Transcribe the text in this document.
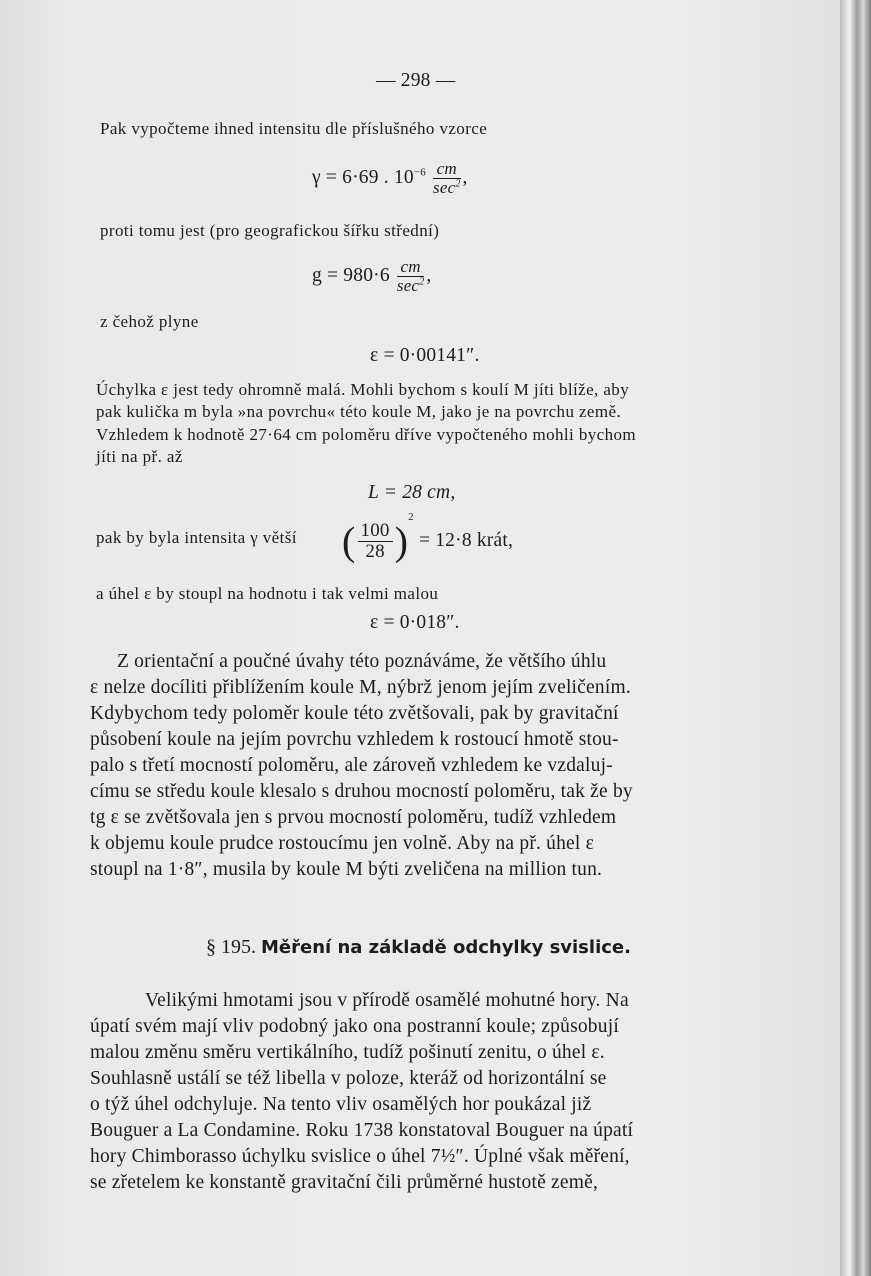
— 298 —
Pak vypočteme ihned intensitu dle příslušného vzorce
γ = 6·69 . $10^{-6} \frac{cm}{\sec^2}$ ,
proti tomu jest (pro geografickou šířku střední)
$g = 980\cdot 6 \frac{cm}{\sec^2}$ ,
z čehož plyne
ε = 0·00141″.
Úchylka ε jest tedy ohromně malá. Mohli bychom s koulí M jíti blíže, aby
pak kulička m byla »na povrchu« této koule M, jako je na povrchu země.
Vzhledem k hodnotě 27·64 cm poloměru dříve vypočteného mohli bychom
jíti na př. až
L = 28 cm,
pak by byla intensita γ větší ( $\frac{100}{28} )^2 = 12\cdot 8$ krát,
a úhel ε by stoupl na hodnotu i tak velmi malou
ε = 0·018″.
Z orientační a poučné úvahy této poznáváme, že většího úhlu
ε nelze docíliti přiblížením koule M, nýbrž jenom jejím zveličením.
Kdybychom tedy poloměr koule této zvětšovali, pak by gravitační
působení koule na jejím povrchu vzhledem k rostoucí hmotě stou-
palo s třetí mocností poloměru, ale zároveň vzhledem ke vzdaluj-
címu se středu koule klesalo s druhou mocností poloměru, tak že by
tg ε se zvětšovala jen s prvou mocností poloměru, tudíž vzhledem
k objemu koule prudce rostoucímu jen volně. Aby na př. úhel ε
stoupl na 1·8″, musila by koule M býti zveličena na million tun.
§ 195. Měření na základě odchylky svislice.
Velikými hmotami jsou v přírodě osamělé mohutné hory. Na
úpatí svém mají vliv podobný jako ona postranní koule; způsobují
malou změnu směru vertikálního, tudíž pošinutí zenitu, o úhel ε.
Souhlasně ustálí se též libella v poloze, kteráž od horizontální se
o týž úhel odchyluje. Na tento vliv osamělých hor poukázal již
Bouguer a La Condamine. Roku 1738 konstatoval Bouguer na úpatí
hory Chimborasso úchylku svislice o úhel 7½″. Úplné však měření,
se zřetelem ke konstantě gravitační čili průměrné hustotě země,
